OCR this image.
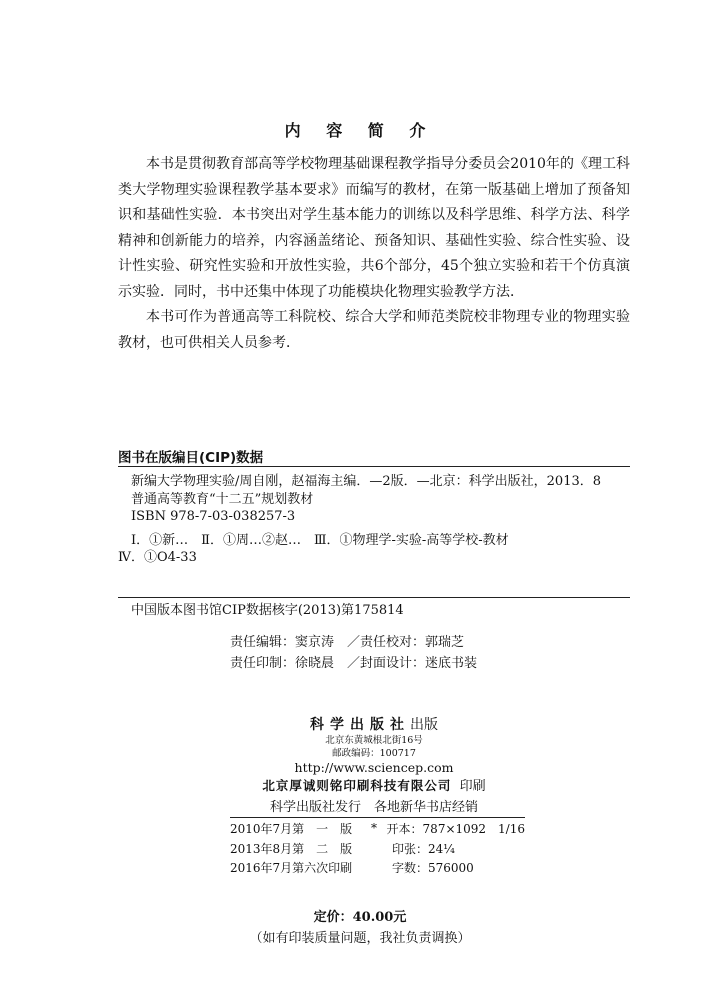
内 容 简 介

本书是贯彻教育部高等学校物理基础课程教学指导分委员会2010年的《理工科类大学物理实验课程教学基本要求》而编写的教材，在第一版基础上增加了预备知识和基础性实验．本书突出对学生基本能力的训练以及科学思维、科学方法、科学精神和创新能力的培养，内容涵盖绪论、预备知识、基础性实验、综合性实验、设计性实验、研究性实验和开放性实验，共6个部分，45个独立实验和若干个仿真演示实验．同时，书中还集中体现了功能模块化物理实验教学方法．

本书可作为普通高等工科院校、综合大学和师范类院校非物理专业的物理实验教材，也可供相关人员参考．

图书在版编目(CIP)数据
新编大学物理实验/周自刚，赵福海主编．—2版．—北京：科学出版社，2013．8
普通高等教育“十二五”规划教材
ISBN 978-7-03-038257-3
Ⅰ．①新…　Ⅱ．①周…②赵…　Ⅲ．①物理学-实验-高等学校-教材
Ⅳ．①O4-33
中国版本图书馆CIP数据核字(2013)第175814
责任编辑：窦京涛　／责任校对：郭瑞芝
责任印制：徐晓晨　／封面设计：迷底书装
科学出版社出版
北京东黄城根北街16号
邮政编码：100717
http://www.sciencep.com
北京厚诚则铭印刷科技有限公司 印刷
科学出版社发行　各地新华书店经销
*
2010年7月第　一　版	开本：787×1092　1/16
2013年8月第　二　版	印张：24¼
2016年7月第六次印刷	字数：576000
定价：40.00元
（如有印装质量问题，我社负责调换）
